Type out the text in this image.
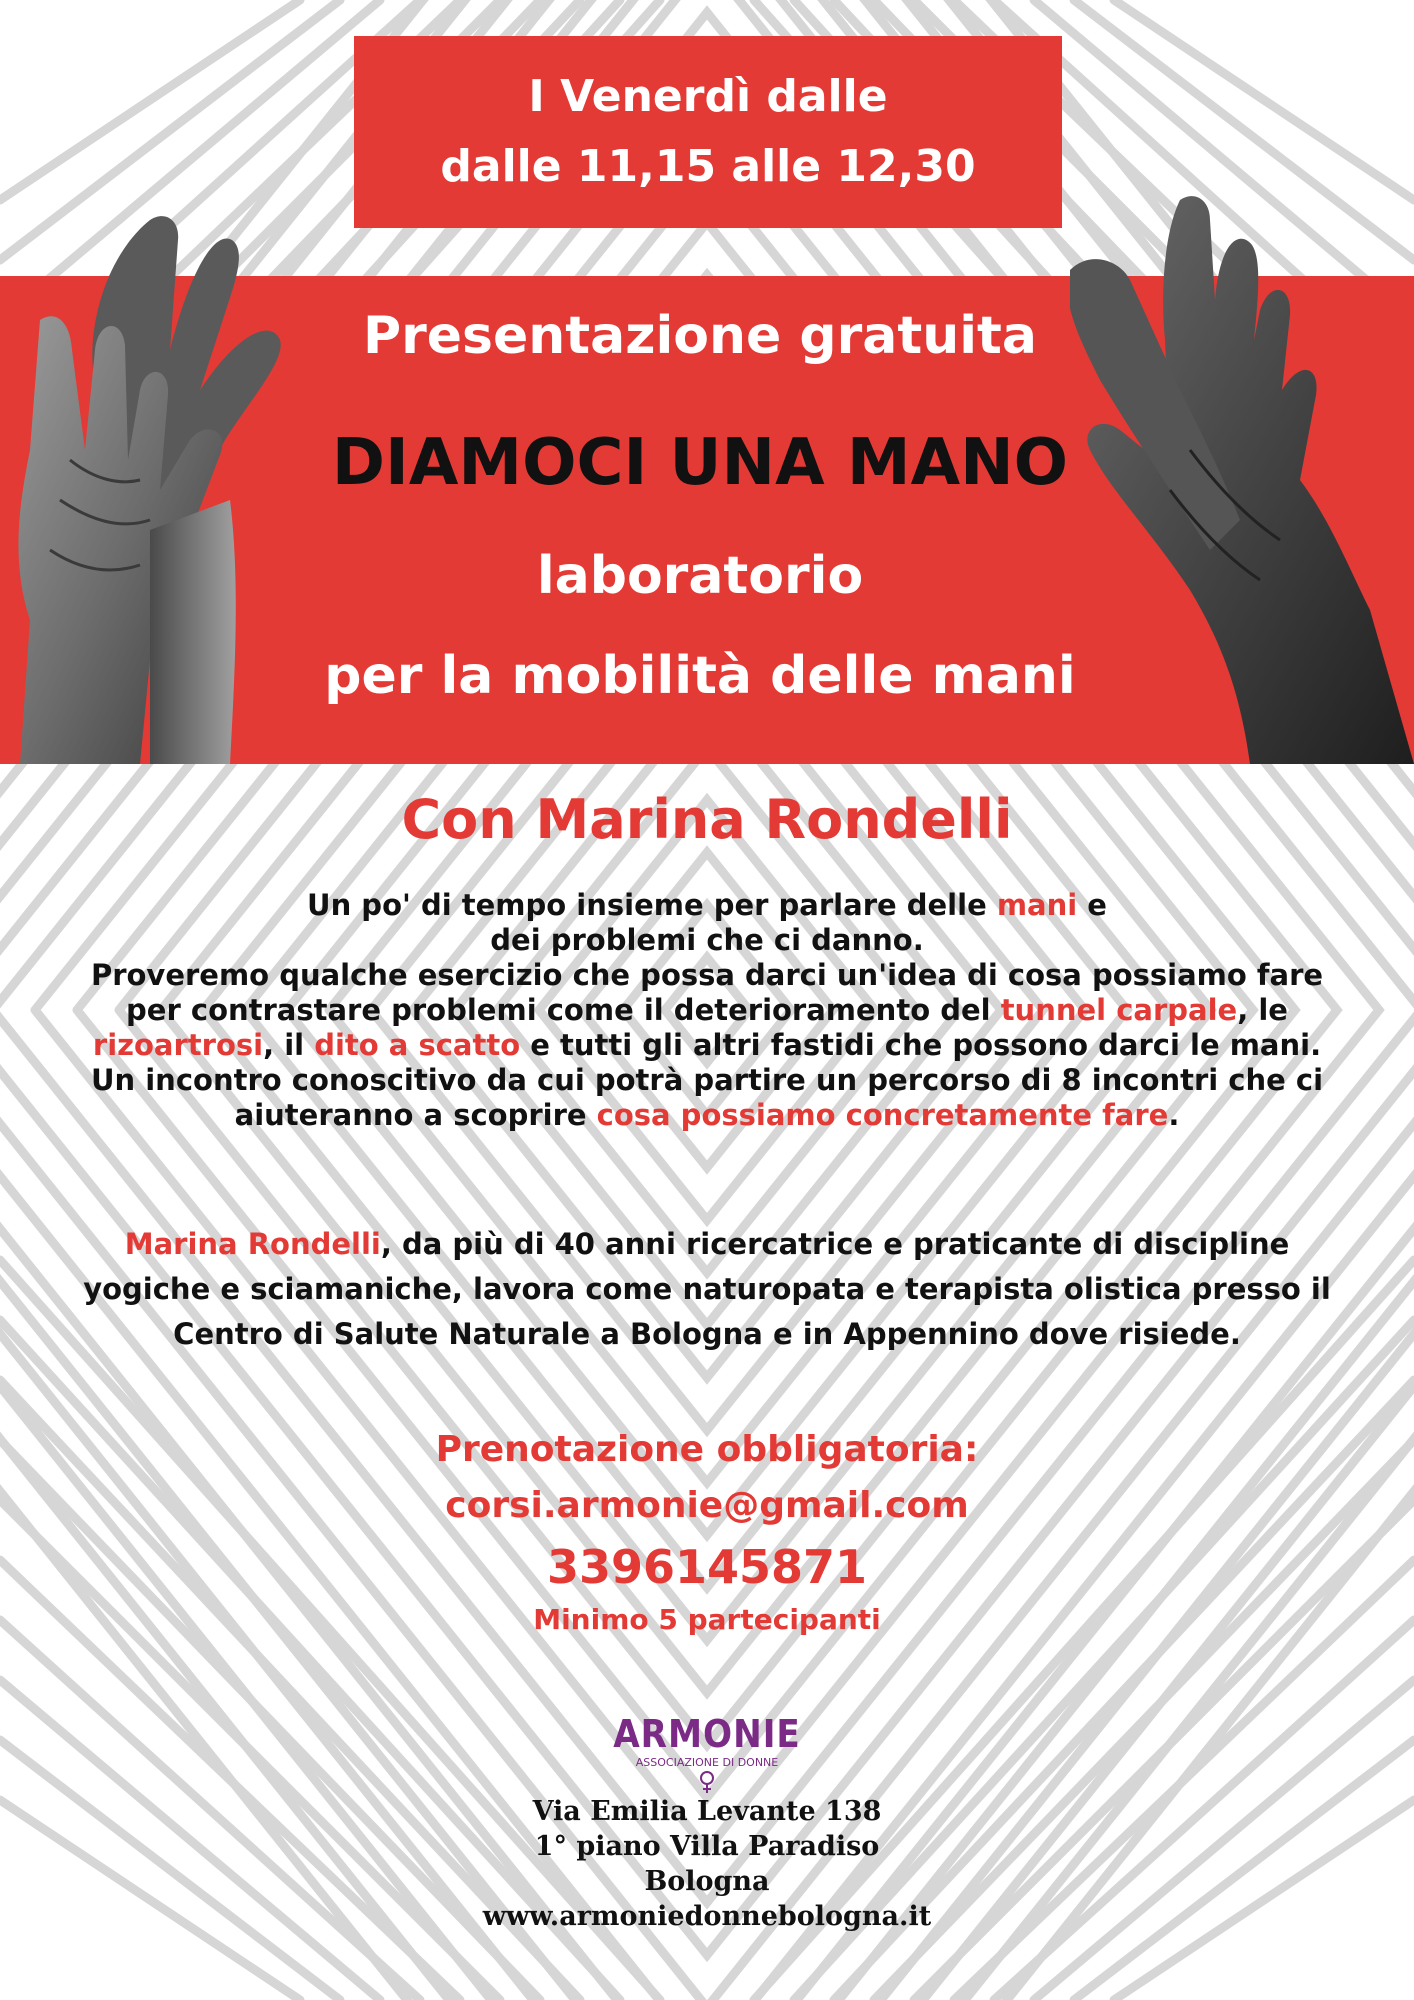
I Venerdì dalle
dalle 11,15 alle 12,30
Presentazione gratuita
DIAMOCI UNA MANO
laboratorio
per la mobilità delle mani
Con Marina Rondelli
Un po' di tempo insieme per parlare delle mani e
dei problemi che ci danno.
Proveremo qualche esercizio che possa darci un'idea di cosa possiamo fare per contrastare problemi come il deterioramento del tunnel carpale, le rizoartrosi, il dito a scatto e tutti gli altri fastidi che possono darci le mani.
Un incontro conoscitivo da cui potrà partire un percorso di 8 incontri che ci aiuteranno a scoprire cosa possiamo concretamente fare.
Marina Rondelli, da più di 40 anni ricercatrice e praticante di discipline yogiche e sciamaniche, lavora come naturopata e terapista olistica presso il Centro di Salute Naturale a Bologna e in Appennino dove risiede.
Prenotazione obbligatoria:
corsi.armonie@gmail.com
3396145871
Minimo 5 partecipanti
ARMONIE
ASSOCIAZIONE DI DONNE
Via Emilia Levante 138
1° piano Villa Paradiso
Bologna
www.armoniedonnebologna.it
